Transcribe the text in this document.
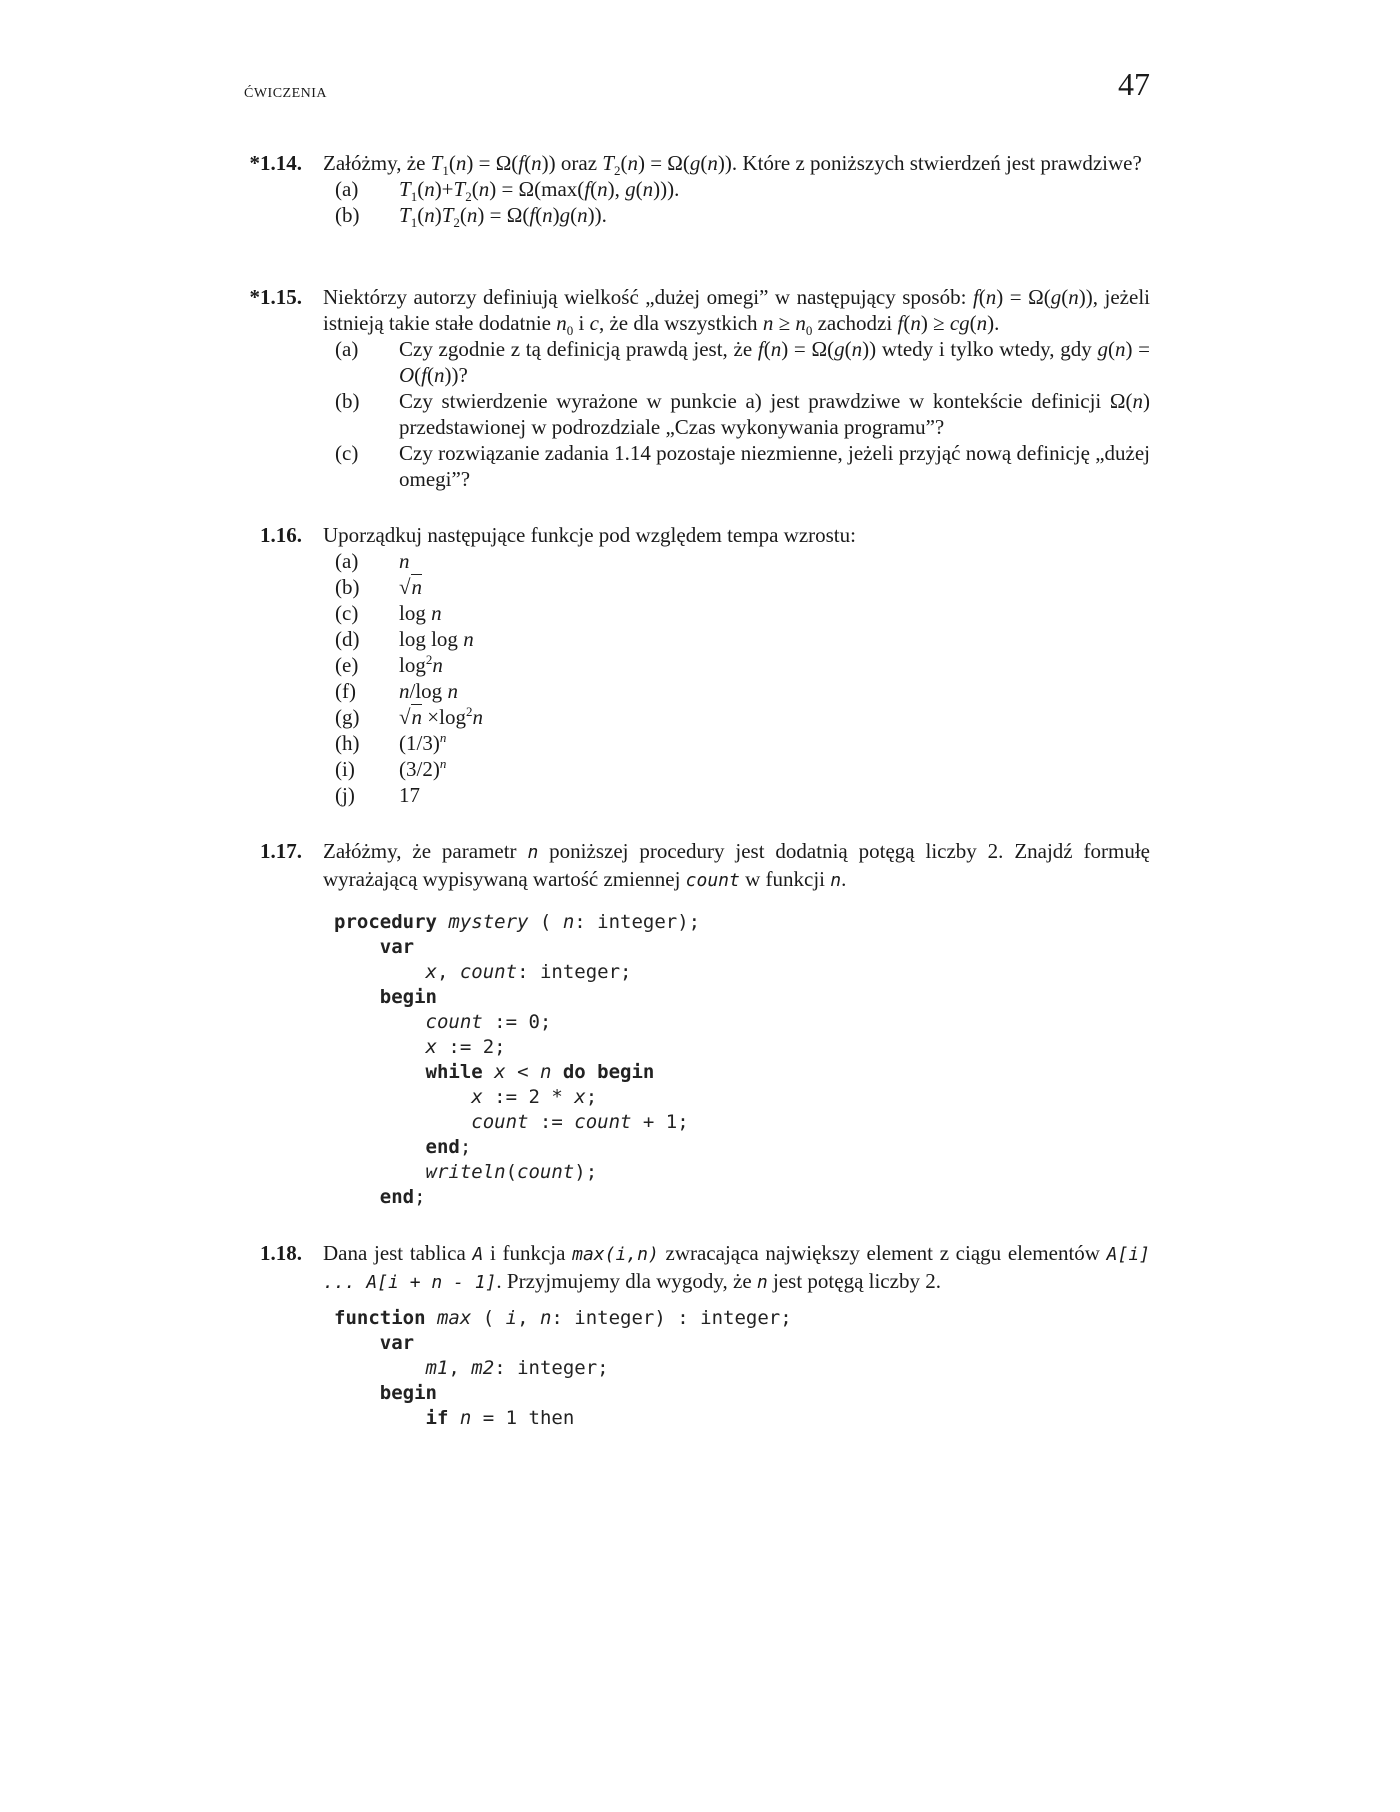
ĆWICZENIA	47
*1.14. Załóżmy, że $T_1(n) = \Omega(f(n))$ oraz $T_2(n) = \Omega(g(n))$. Które z poniższych stwierdzeń jest prawdziwe?
(a) $T_1(n)+T_2(n) = \Omega(\max(f(n)$, g(n))).
(b) $T_1(n)T_2(n) = \Omega(f(n)g(n))$.
*1.15. Niektórzy autorzy definiują wielkość „dużej omegi” w następujący sposób: f(n) = Ω(g(n)), jeżeli istnieją takie stałe dodatnie $n_0$ i c, że dla wszystkich $n \ge n_0$ zachodzi f(n) ≥ cg(n).
(a) Czy zgodnie z tą definicją prawdą jest, że f(n) = Ω(g(n)) wtedy i tylko wtedy, gdy g(n) = O(f(n))?
(b) Czy stwierdzenie wyrażone w punkcie a) jest prawdziwe w kontekście definicji Ω(n) przedstawionej w podrozdziale „Czas wykonywania programu”?
(c) Czy rozwiązanie zadania 1.14 pozostaje niezmienne, jeżeli przyjąć nową definicję „dużej omegi”?
1.16. Uporządkuj następujące funkcje pod względem tempa wzrostu:
(a) n
(b) √n
(c) log n
(d) log log n
(e) $\log^2n$
(f) n/log n
(g) $√n \times\log^2n$
(h) $(1/3)^n$
(i) $(3/2)^n$
(j) 17
1.17. Załóżmy, że parametr n poniższej procedury jest dodatnią potęgą liczby 2. Znajdź formułę wyrażającą wypisywaną wartość zmiennej count w funkcji n.
procedury mystery ( n: integer);
var
x, count: integer;
begin
count := 0;
x := 2;
while x < n do begin
x := 2 * x;
count := count + 1;
end;
writeln(count);
end;
1.18. Dana jest tablica A i funkcja max(i,n) zwracająca największy element z ciągu elementów A[i] ... A[i + n - 1]. Przyjmujemy dla wygody, że n jest potęgą liczby 2.
function max ( i, n: integer) : integer;
var
m1, m2: integer;
begin
if n = 1 then
